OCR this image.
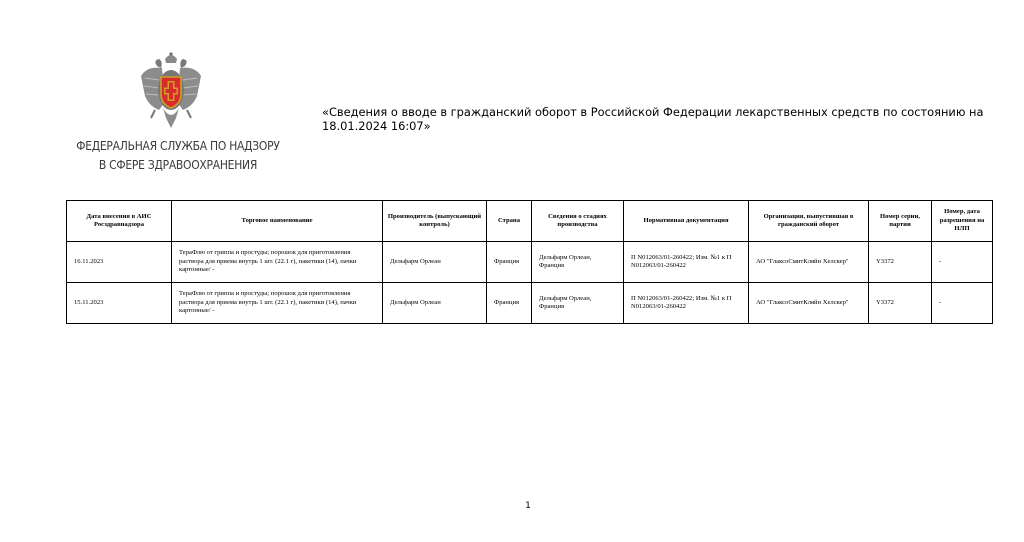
ФЕДЕРАЛЬНАЯ СЛУЖБА ПО НАДЗОРУ
В СФЕРЕ ЗДРАВООХРАНЕНИЯ
«Сведения о вводе в гражданский оборот в Российской Федерации лекарственных средств по состоянию на 18.01.2024 16:07»
Дата внесения в АИС Росздравнадзора	Торговое наименование	Производитель (выпускающий контроль)	Страна	Сведения о стадиях производства	Нормативная документация	Организация, выпустившая в гражданский оборот	Номер серии, партии	Номер, дата разрешения на НЛП
16.11.2023	ТераФлю от гриппа и простуды; порошок для приготовления раствора для приема внутрь 1 шт. (22.1 г), пакетики (14), пачки картонные/ -	Дельфарм Орлеан	Франция	Дельфарм Орлеан, Франция	П N012063/01-260422; Изм. №1 к П N012063/01-260422	АО "ГлаксоСмитКляйн Хелскер"	Y3372	-
15.11.2023	ТераФлю от гриппа и простуды; порошок для приготовления раствора для приема внутрь 1 шт. (22.1 г), пакетики (14), пачки картонные/ -	Дельфарм Орлеан	Франция	Дельфарм Орлеан, Франция	П N012063/01-260422; Изм. №1 к П N012063/01-260422	АО "ГлаксоСмитКляйн Хелскер"	Y3372	-
1
